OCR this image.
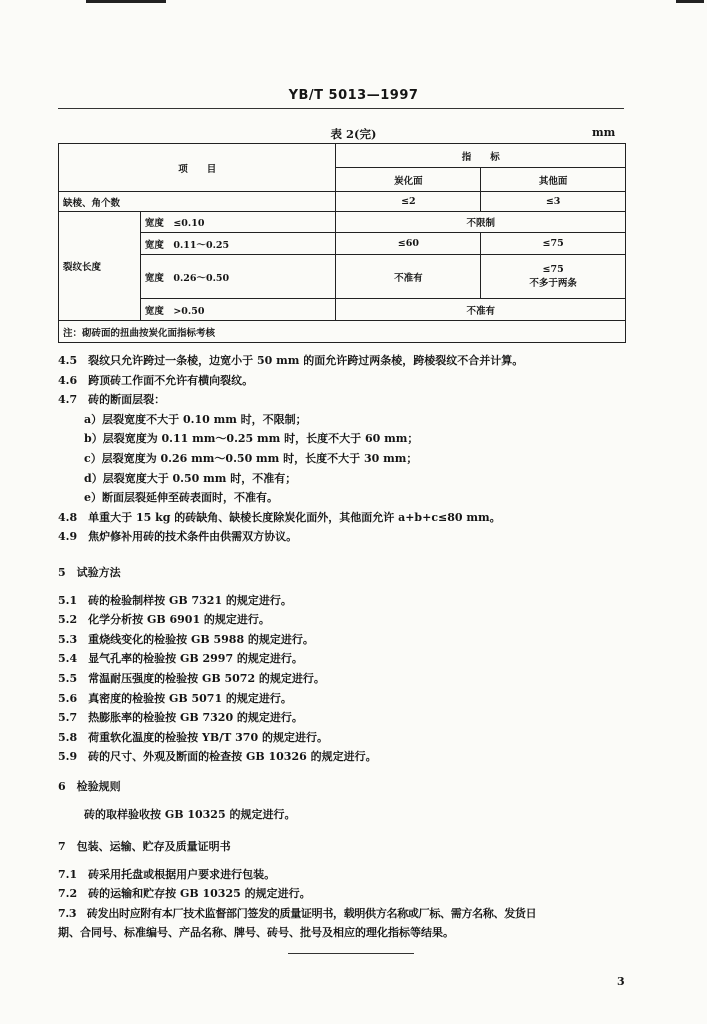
YB/T 5013—1997
表 2(完)	mm
项　　目		指　　标	
		炭化面	其他面
缺棱、角个数		≤2	≤3
裂纹长度	宽度　≤0.10	不限制	
	宽度　0.11～0.25	≤60	≤75
	宽度　0.26～0.50	不准有	≤75
不多于两条

	宽度　>0.50	不准有	
注：砌砖面的扭曲按炭化面指标考核			
4.5　裂纹只允许跨过一条棱，边宽小于 50 mm 的面允许跨过两条棱，跨棱裂纹不合并计算。
4.6　跨顶砖工作面不允许有横向裂纹。
4.7　砖的断面层裂：
a）层裂宽度不大于 0.10 mm 时，不限制；
b）层裂宽度为 0.11 mm～0.25 mm 时，长度不大于 60 mm；
c）层裂宽度为 0.26 mm～0.50 mm 时，长度不大于 30 mm；
d）层裂宽度大于 0.50 mm 时，不准有；
e）断面层裂延伸至砖表面时，不准有。
4.8　单重大于 15 kg 的砖缺角、缺棱长度除炭化面外，其他面允许 a+b+c≤80 mm。
4.9　焦炉修补用砖的技术条件由供需双方协议。
5　试验方法
5.1　砖的检验制样按 GB 7321 的规定进行。
5.2　化学分析按 GB 6901 的规定进行。
5.3　重烧线变化的检验按 GB 5988 的规定进行。
5.4　显气孔率的检验按 GB 2997 的规定进行。
5.5　常温耐压强度的检验按 GB 5072 的规定进行。
5.6　真密度的检验按 GB 5071 的规定进行。
5.7　热膨胀率的检验按 GB 7320 的规定进行。
5.8　荷重软化温度的检验按 YB/T 370 的规定进行。
5.9　砖的尺寸、外观及断面的检查按 GB 10326 的规定进行。
6　检验规则
砖的取样验收按 GB 10325 的规定进行。
7　包装、运输、贮存及质量证明书
7.1　砖采用托盘或根据用户要求进行包装。
7.2　砖的运输和贮存按 GB 10325 的规定进行。
7.3　砖发出时应附有本厂技术监督部门签发的质量证明书，载明供方名称或厂标、需方名称、发货日
期、合同号、标准编号、产品名称、牌号、砖号、批号及相应的理化指标等结果。
3
